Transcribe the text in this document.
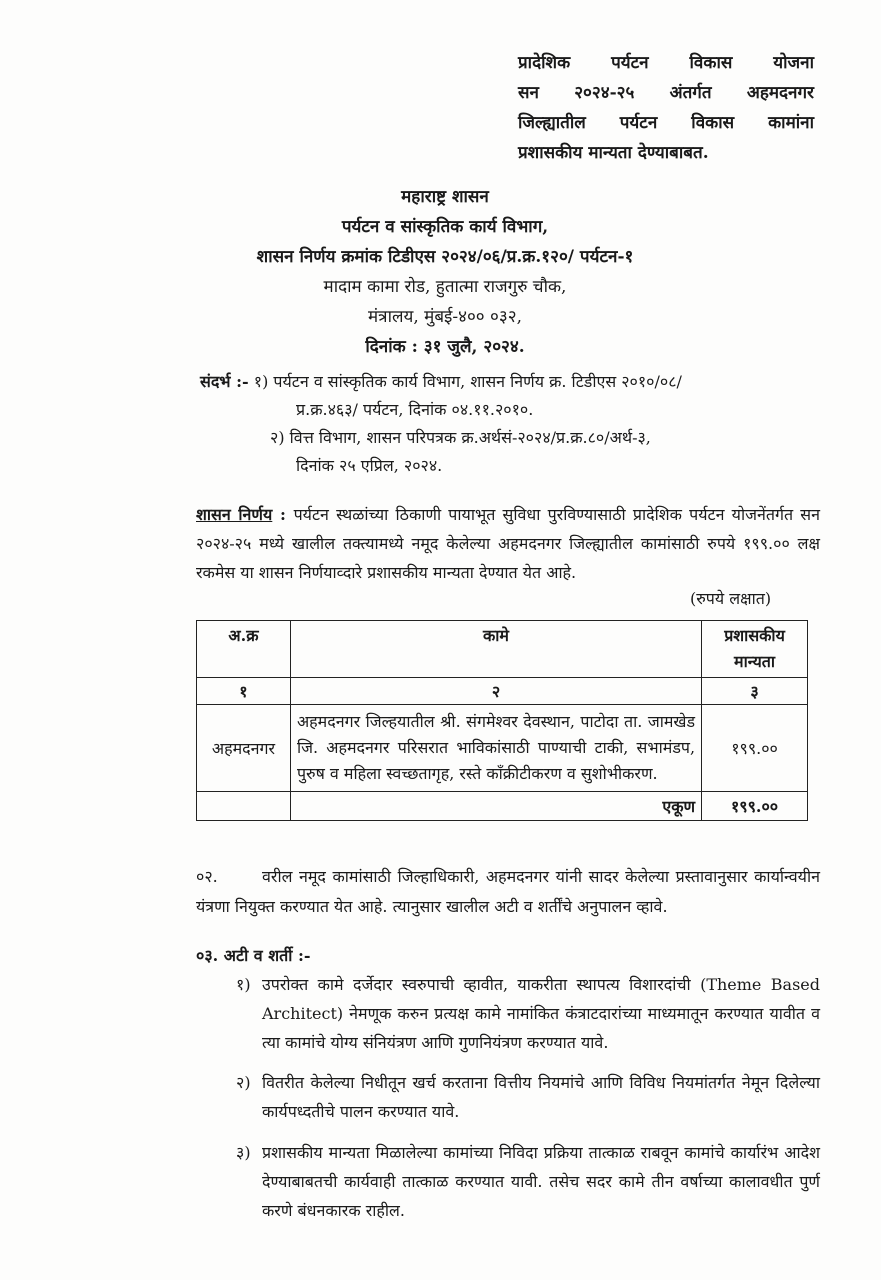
प्रादेशिक पर्यटन विकास योजना
सन २०२४-२५ अंतर्गत अहमदनगर
जिल्ह्यातील पर्यटन विकास कामांना
प्रशासकीय मान्यता देण्याबाबत.
महाराष्ट्र शासन
पर्यटन व सांस्कृतिक कार्य विभाग,
शासन निर्णय क्रमांक टिडीएस २०२४/०६/प्र.क्र.१२०/ पर्यटन-१
मादाम कामा रोड, हुतात्मा राजगुरु चौक,
मंत्रालय, मुंबई-४०० ०३२,
दिनांक : ३१ जुलै, २०२४.
संदर्भ :- १) पर्यटन व सांस्कृतिक कार्य विभाग, शासन निर्णय क्र. टिडीएस २०१०/०८/
प्र.क्र.४६३/ पर्यटन, दिनांक ०४.११.२०१०.
२) वित्त विभाग, शासन परिपत्रक क्र.अर्थसं-२०२४/प्र.क्र.८०/अर्थ-३,
दिनांक २५ एप्रिल, २०२४.
शासन निर्णय : पर्यटन स्थळांच्या ठिकाणी पायाभूत सुविधा पुरविण्यासाठी प्रादेशिक पर्यटन योजनेंतर्गत सन २०२४-२५ मध्ये खालील तक्त्यामध्ये नमूद केलेल्या अहमदनगर जिल्ह्यातील कामांसाठी रुपये १९९.०० लक्ष रकमेस या शासन निर्णयाव्दारे प्रशासकीय मान्यता देण्यात येत आहे.
(रुपये लक्षात)
अ.क्र	कामे	प्रशासकीय मान्यता
१	२	३
अहमदनगर	अहमदनगर जिल्हयातील श्री. संगमेश्वर देवस्थान, पाटोदा ता. जामखेड जि. अहमदनगर परिसरात भाविकांसाठी पाण्याची टाकी, सभामंडप, पुरुष व महिला स्वच्छतागृह, रस्ते कॉंक्रीटीकरण व सुशोभीकरण.	१९९.००
	एकूण	१९९.००
०२.	वरील नमूद कामांसाठी जिल्हाधिकारी, अहमदनगर यांनी सादर केलेल्या प्रस्तावानुसार कार्यान्वयीन यंत्रणा नियुक्त करण्यात येत आहे. त्यानुसार खालील अटी व शर्तींचे अनुपालन व्हावे.
०३. अटी व शर्ती :-
१) उपरोक्त कामे दर्जेदार स्वरुपाची व्हावीत, याकरीता स्थापत्य विशारदांची (Theme Based Architect) नेमणूक करुन प्रत्यक्ष कामे नामांकित कंत्राटदारांच्या माध्यमातून करण्यात यावीत व त्या कामांचे योग्य संनियंत्रण आणि गुणनियंत्रण करण्यात यावे.
२) वितरीत केलेल्या निधीतून खर्च करताना वित्तीय नियमांचे आणि विविध नियमांतर्गत नेमून दिलेल्या कार्यपध्दतीचे पालन करण्यात यावे.
३) प्रशासकीय मान्यता मिळालेल्या कामांच्या निविदा प्रक्रिया तात्काळ राबवून कामांचे कार्यारंभ आदेश देण्याबाबतची कार्यवाही तात्काळ करण्यात यावी. तसेच सदर कामे तीन वर्षाच्या कालावधीत पुर्ण करणे बंधनकारक राहील.
